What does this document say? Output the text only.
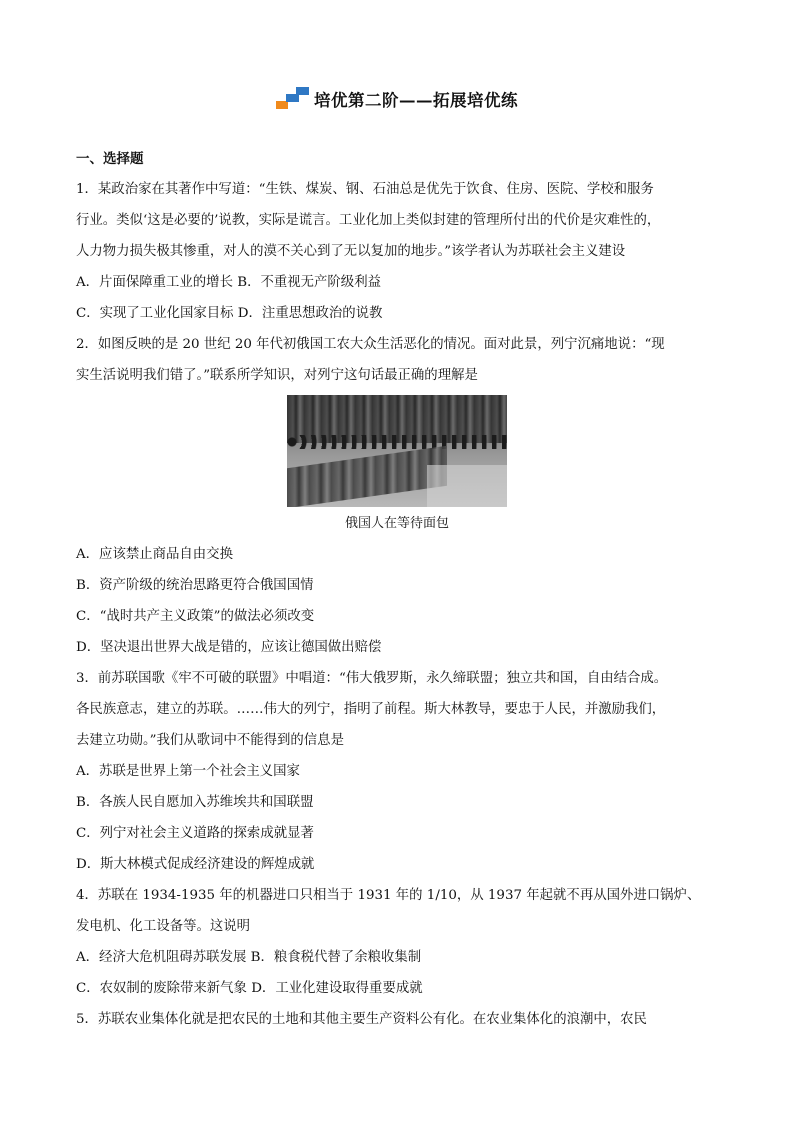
培优第二阶——拓展培优练
一、选择题
1．某政治家在其著作中写道：“生铁、煤炭、钢、石油总是优先于饮食、住房、医院、学校和服务
行业。类似‘这是必要的’说教，实际是谎言。工业化加上类似封建的管理所付出的代价是灾难性的，
人力物力损失极其惨重，对人的漠不关心到了无以复加的地步。”该学者认为苏联社会主义建设
A．片面保障重工业的增长 B．不重视无产阶级利益
C．实现了工业化国家目标 D．注重思想政治的说教
2．如图反映的是 20 世纪 20 年代初俄国工农大众生活恶化的情况。面对此景，列宁沉痛地说：“现
实生活说明我们错了。”联系所学知识，对列宁这句话最正确的理解是
俄国人在等待面包
A．应该禁止商品自由交换
B．资产阶级的统治思路更符合俄国国情
C．“战时共产主义政策”的做法必须改变
D．坚决退出世界大战是错的，应该让德国做出赔偿
3．前苏联国歌《牢不可破的联盟》中唱道：“伟大俄罗斯，永久缔联盟；独立共和国，自由结合成。
各民族意志，建立的苏联。……伟大的列宁，指明了前程。斯大林教导，要忠于人民，并激励我们，
去建立功勋。”我们从歌词中不能得到的信息是
A．苏联是世界上第一个社会主义国家
B．各族人民自愿加入苏维埃共和国联盟
C．列宁对社会主义道路的探索成就显著
D．斯大林模式促成经济建设的辉煌成就
4．苏联在 1934-1935 年的机器进口只相当于 1931 年的 1/10，从 1937 年起就不再从国外进口锅炉、
发电机、化工设备等。这说明
A．经济大危机阻碍苏联发展 B．粮食税代替了余粮收集制
C．农奴制的废除带来新气象 D．工业化建设取得重要成就
5．苏联农业集体化就是把农民的土地和其他主要生产资料公有化。在农业集体化的浪潮中，农民
